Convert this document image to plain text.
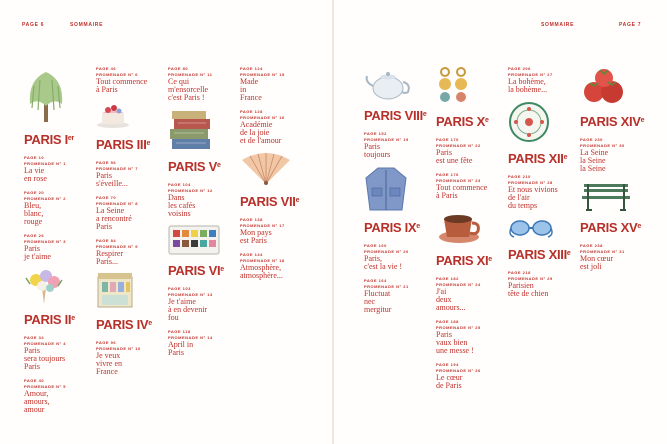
PAGE 6	SOMMAIRE	SOMMAIRE	PAGE 7
PARIS Ier
PAGE 10
PROMENADE N° 1
La vie
en rose
PAGE 20
PROMENADE N° 2
Bleu,
blanc,
rouge
PAGE 26
PROMENADE N° 3
Paris
je t'aime
PARIS IIe
PAGE 34
PROMENADE N° 4
Paris
sera toujours
Paris
PAGE 40
PROMENADE N° 5
Amour,
amours,
amour
PAGE 46
PROMENADE N° 6
Tout commence
à Paris
PARIS IIIe
PAGE 56
PROMENADE N° 7
Paris
s'éveille...
PAGE 70
PROMENADE N° 8
La Seine
a rencontré
Paris
PAGE 84
PROMENADE N° 9
Respirer
Paris...
PARIS IVe
PAGE 96
PROMENADE N° 10
Je veux
vivre en
France
PAGE 80
PROMENADE N° 11
Ce qui
m'ensorcelle
c'est Paris !
PARIS Ve
PAGE 104
PROMENADE N° 12
Dans
les cafés
voisins
PARIS VIe
PAGE 103
PROMENADE N° 13
Je t'aime
à en devenir
fou
PAGE 118
PROMENADE N° 14
April in
Paris
PAGE 124
PROMENADE N° 15
Made
in
France
PAGE 128
PROMENADE N° 16
Académie
de la joie
et de l'amour
PARIS VIIe
PAGE 138
PROMENADE N° 17
Mon pays
est Paris
PAGE 144
PROMENADE N° 18
Atmosphère,
atmosphère...
PARIS VIIIe
PAGE 152
PROMENADE N° 19
Paris
toujours
PARIS IXe
PAGE 160
PROMENADE N° 20
Paris,
c'est la vie !
PAGE 164
PROMENADE N° 21
Fluctuat
nec
mergitur
PARIS Xe
PAGE 170
PROMENADE N° 22
Paris
est une fête
PAGE 176
PROMENADE N° 23
Tout commence
à Paris
PARIS XIe
PAGE 182
PROMENADE N° 24
J'ai
deux
amours...
PAGE 188
PROMENADE N° 25
Paris
vaux bien
une messe !
PAGE 194
PROMENADE N° 26
Le cœur
de Paris
PAGE 206
PROMENADE N° 27
La bohème,
la bohème...
PARIS XIIe
PAGE 210
PROMENADE N° 28
Et nous vivions
de l'air
du temps
PARIS XIIIe
PAGE 218
PROMENADE N° 29
Parisien
tête de chien
PARIS XIVe
PAGE 230
PROMENADE N° 30
La Seine
la Seine
la Seine
PARIS XVe
PAGE 238
PROMENADE N° 31
Mon cœur
est joli
